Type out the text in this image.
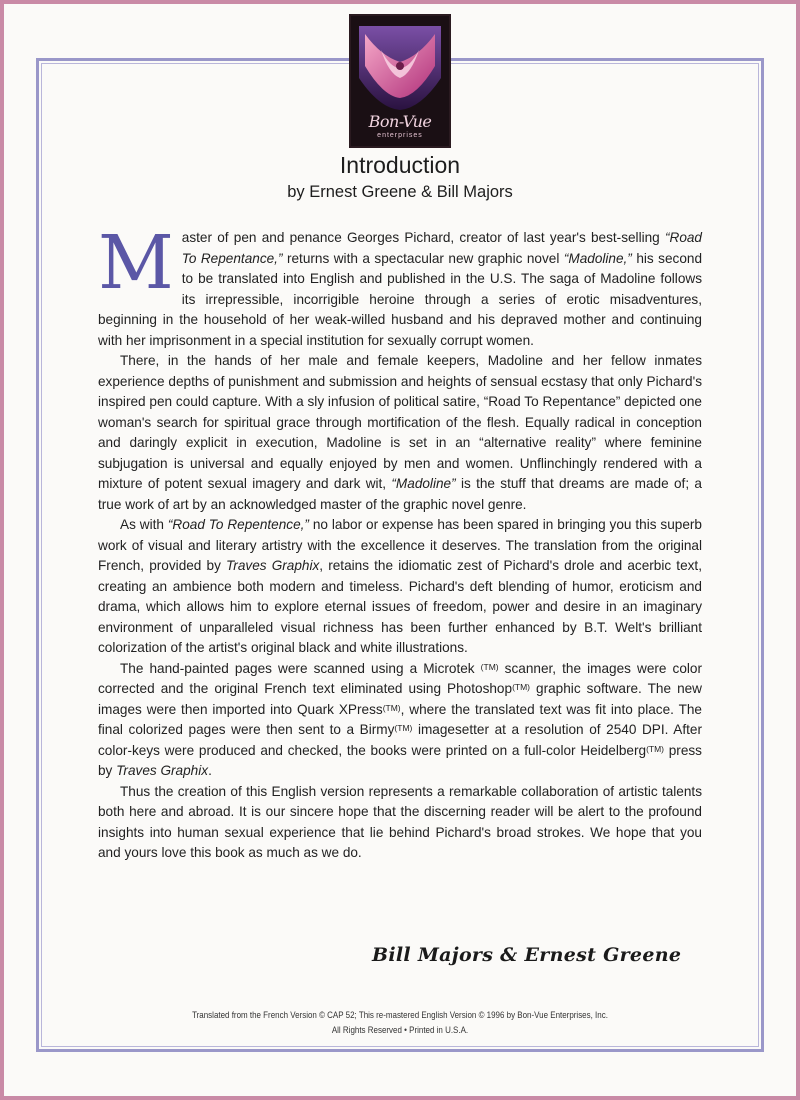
Bon-Vue
enterprises
Introduction
by Ernest Greene & Bill Majors

Master of pen and penance Georges Pichard, creator of last year's best-selling “Road To Repentance,” returns with a spectacular new graphic novel “Madoline,” his second to be translated into English and published in the U.S. The saga of Madoline follows its irrepressible, incorrigible heroine through a series of erotic misadventures, beginning in the household of her weak-willed husband and his depraved mother and continuing with her imprisonment in a special institution for sexually corrupt women.

There, in the hands of her male and female keepers, Madoline and her fellow inmates experience depths of punishment and submission and heights of sensual ecstasy that only Pichard's inspired pen could capture. With a sly infusion of political satire, “Road To Repentance” depicted one woman's search for spiritual grace through mortification of the flesh. Equally radical in conception and daringly explicit in execution, Madoline is set in an “alternative reality” where feminine subjugation is universal and equally enjoyed by men and women. Unflinchingly rendered with a mixture of potent sexual imagery and dark wit, “Madoline” is the stuff that dreams are made of; a true work of art by an acknowledged master of the graphic novel genre.

As with “Road To Repentence,” no labor or expense has been spared in bringing you this superb work of visual and literary artistry with the excellence it deserves. The translation from the original French, provided by Traves Graphix, retains the idiomatic zest of Pichard's drole and acerbic text, creating an ambience both modern and timeless. Pichard's deft blending of humor, eroticism and drama, which allows him to explore eternal issues of freedom, power and desire in an imaginary environment of unparalleled visual richness has been further enhanced by B.T. Welt's brilliant colorization of the artist's original black and white illustrations.

The hand-painted pages were scanned using a Microtek $^{(TM)}$ scanner, the images were color corrected and the original French text eliminated using Photoshop$^{(TM)}$ graphic software. The new images were then imported into Quark XPress$^{(TM)}$, where the translated text was fit into place. The final colorized pages were then sent to a Birmy$^{(TM)}$ imagesetter at a resolution of 2540 DPI. After color-keys were produced and checked, the books were printed on a full-color Heidelberg$^{(TM)}$ press by Traves Graphix.

Thus the creation of this English version represents a remarkable collaboration of artistic talents both here and abroad. It is our sincere hope that the discerning reader will be alert to the profound insights into human sexual experience that lie behind Pichard's broad strokes. We hope that you and yours love this book as much as we do.

Bill Majors & Ernest Greene
Translated from the French Version © CAP 52; This re-mastered English Version © 1996 by Bon-Vue Enterprises, Inc.
All Rights Reserved • Printed in U.S.A.
